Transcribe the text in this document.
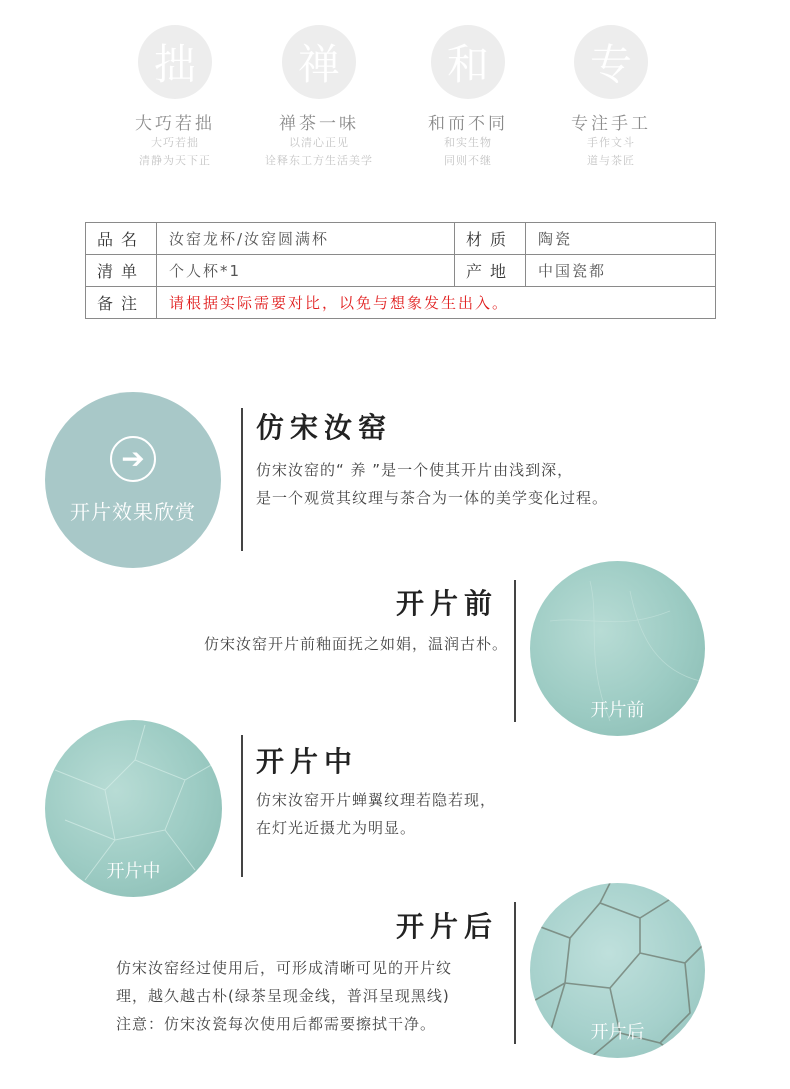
拙
大巧若拙
大巧若拙
清静为天下正
禅
禅茶一味
以清心正见
诠释东工方生活美学
和
和而不同
和实生物
同则不继
专
专注手工
手作文斗
道与茶匠
品名	汝窑龙杯/汝窑圆满杯	材质	陶瓷
清单	个人杯*1	产地	中国瓷都
备注	请根据实际需要对比，以免与想象发生出入。		
➔
开片效果欣赏
仿宋汝窑
仿宋汝窑的“ 养 ”是一个使其开片由浅到深，
是一个观赏其纹理与茶合为一体的美学变化过程。
开片前
仿宋汝窑开片前釉面抚之如娟，温润古朴。
开片前
开片中
开片中
仿宋汝窑开片蝉翼纹理若隐若现，
在灯光近摄尤为明显。
开片后
仿宋汝窑经过使用后，可形成清晰可见的开片纹
理，越久越古朴(绿茶呈现金线，普洱呈现黑线)
注意：仿宋汝瓷每次使用后都需要擦拭干净。	开片后
